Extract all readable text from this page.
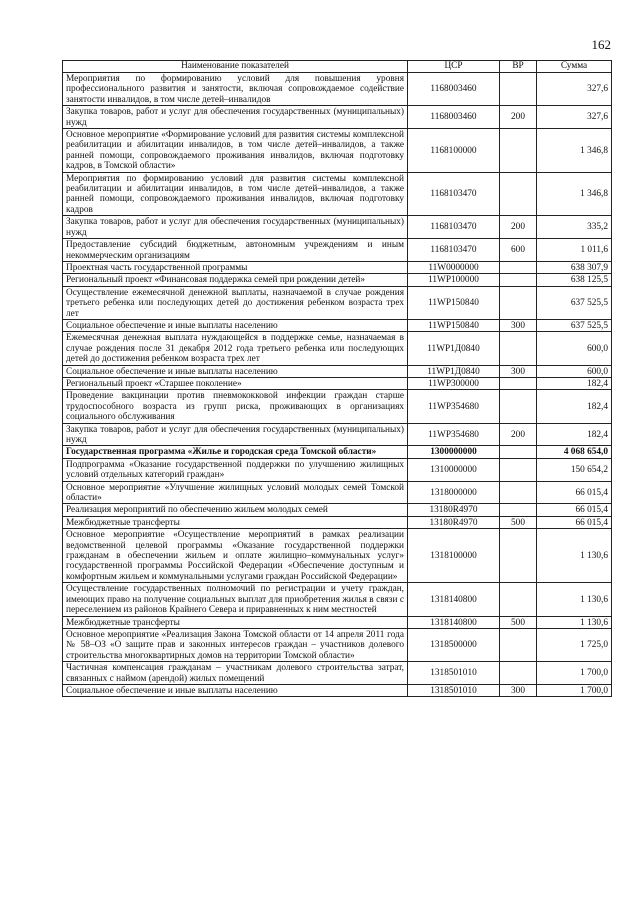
162
Наименование показателей	ЦСР	ВР	Сумма
Мероприятия по формированию условий для повышения уровня профессионального развития и занятости, включая сопровождаемое содействие занятости инвалидов, в том числе детей–инвалидов	1168003460		327,6
Закупка товаров, работ и услуг для обеспечения государственных (муниципальных) нужд	1168003460	200	327,6
Основное мероприятие «Формирование условий для развития системы комплексной реабилитации и абилитации инвалидов, в том числе детей–инвалидов, а также ранней помощи, сопровождаемого проживания инвалидов, включая подготовку кадров, в Томской области»	1168100000		1 346,8
Мероприятия по формированию условий для развития системы комплексной реабилитации и абилитации инвалидов, в том числе детей–инвалидов, а также ранней помощи, сопровождаемого проживания инвалидов, включая подготовку кадров	1168103470		1 346,8
Закупка товаров, работ и услуг для обеспечения государственных (муниципальных) нужд	1168103470	200	335,2
Предоставление субсидий бюджетным, автономным учреждениям и иным некоммерческим организациям	1168103470	600	1 011,6
Проектная часть государственной программы	11W0000000		638 307,9
Региональный проект «Финансовая поддержка семей при рождении детей»	11WP100000		638 125,5
Осуществление ежемесячной денежной выплаты, назначаемой в случае рождения третьего ребенка или последующих детей до достижения ребенком возраста трех лет	11WP150840		637 525,5
Социальное обеспечение и иные выплаты населению	11WP150840	300	637 525,5
Ежемесячная денежная выплата нуждающейся в поддержке семье, назначаемая в случае рождения после 31 декабря 2012 года третьего ребенка или последующих детей до достижения ребенком возраста трех лет	11WP1Д0840		600,0
Социальное обеспечение и иные выплаты населению	11WP1Д0840	300	600,0
Региональный проект «Старшее поколение»	11WP300000		182,4
Проведение вакцинации против пневмококковой инфекции граждан старше трудоспособного возраста из групп риска, проживающих в организациях социального обслуживания	11WP354680		182,4
Закупка товаров, работ и услуг для обеспечения государственных (муниципальных) нужд	11WP354680	200	182,4
Государственная программа «Жилье и городская среда Томской области»	1300000000		4 068 654,0
Подпрограмма «Оказание государственной поддержки по улучшению жилищных условий отдельных категорий граждан»	1310000000		150 654,2
Основное мероприятие «Улучшение жилищных условий молодых семей Томской области»	1318000000		66 015,4
Реализация мероприятий по обеспечению жильем молодых семей	13180R4970		66 015,4
Межбюджетные трансферты	13180R4970	500	66 015,4
Основное мероприятие «Осуществление мероприятий в рамках реализации ведомственной целевой программы «Оказание государственной поддержки гражданам в обеспечении жильем и оплате жилищно–коммунальных услуг» государственной программы Российской Федерации «Обеспечение доступным и комфортным жильем и коммунальными услугами граждан Российской Федерации»	1318100000		1 130,6
Осуществление государственных полномочий по регистрации и учету граждан, имеющих право на получение социальных выплат для приобретения жилья в связи с переселением из районов Крайнего Севера и приравненных к ним местностей	1318140800		1 130,6
Межбюджетные трансферты	1318140800	500	1 130,6
Основное мероприятие «Реализация Закона Томской области от 14 апреля 2011 года № 58–ОЗ «О защите прав и законных интересов граждан – участников долевого строительства многоквартирных домов на территории Томской области»	1318500000		1 725,0
Частичная компенсация гражданам – участникам долевого строительства затрат, связанных с наймом (арендой) жилых помещений	1318501010		1 700,0
Социальное обеспечение и иные выплаты населению	1318501010	300	1 700,0
